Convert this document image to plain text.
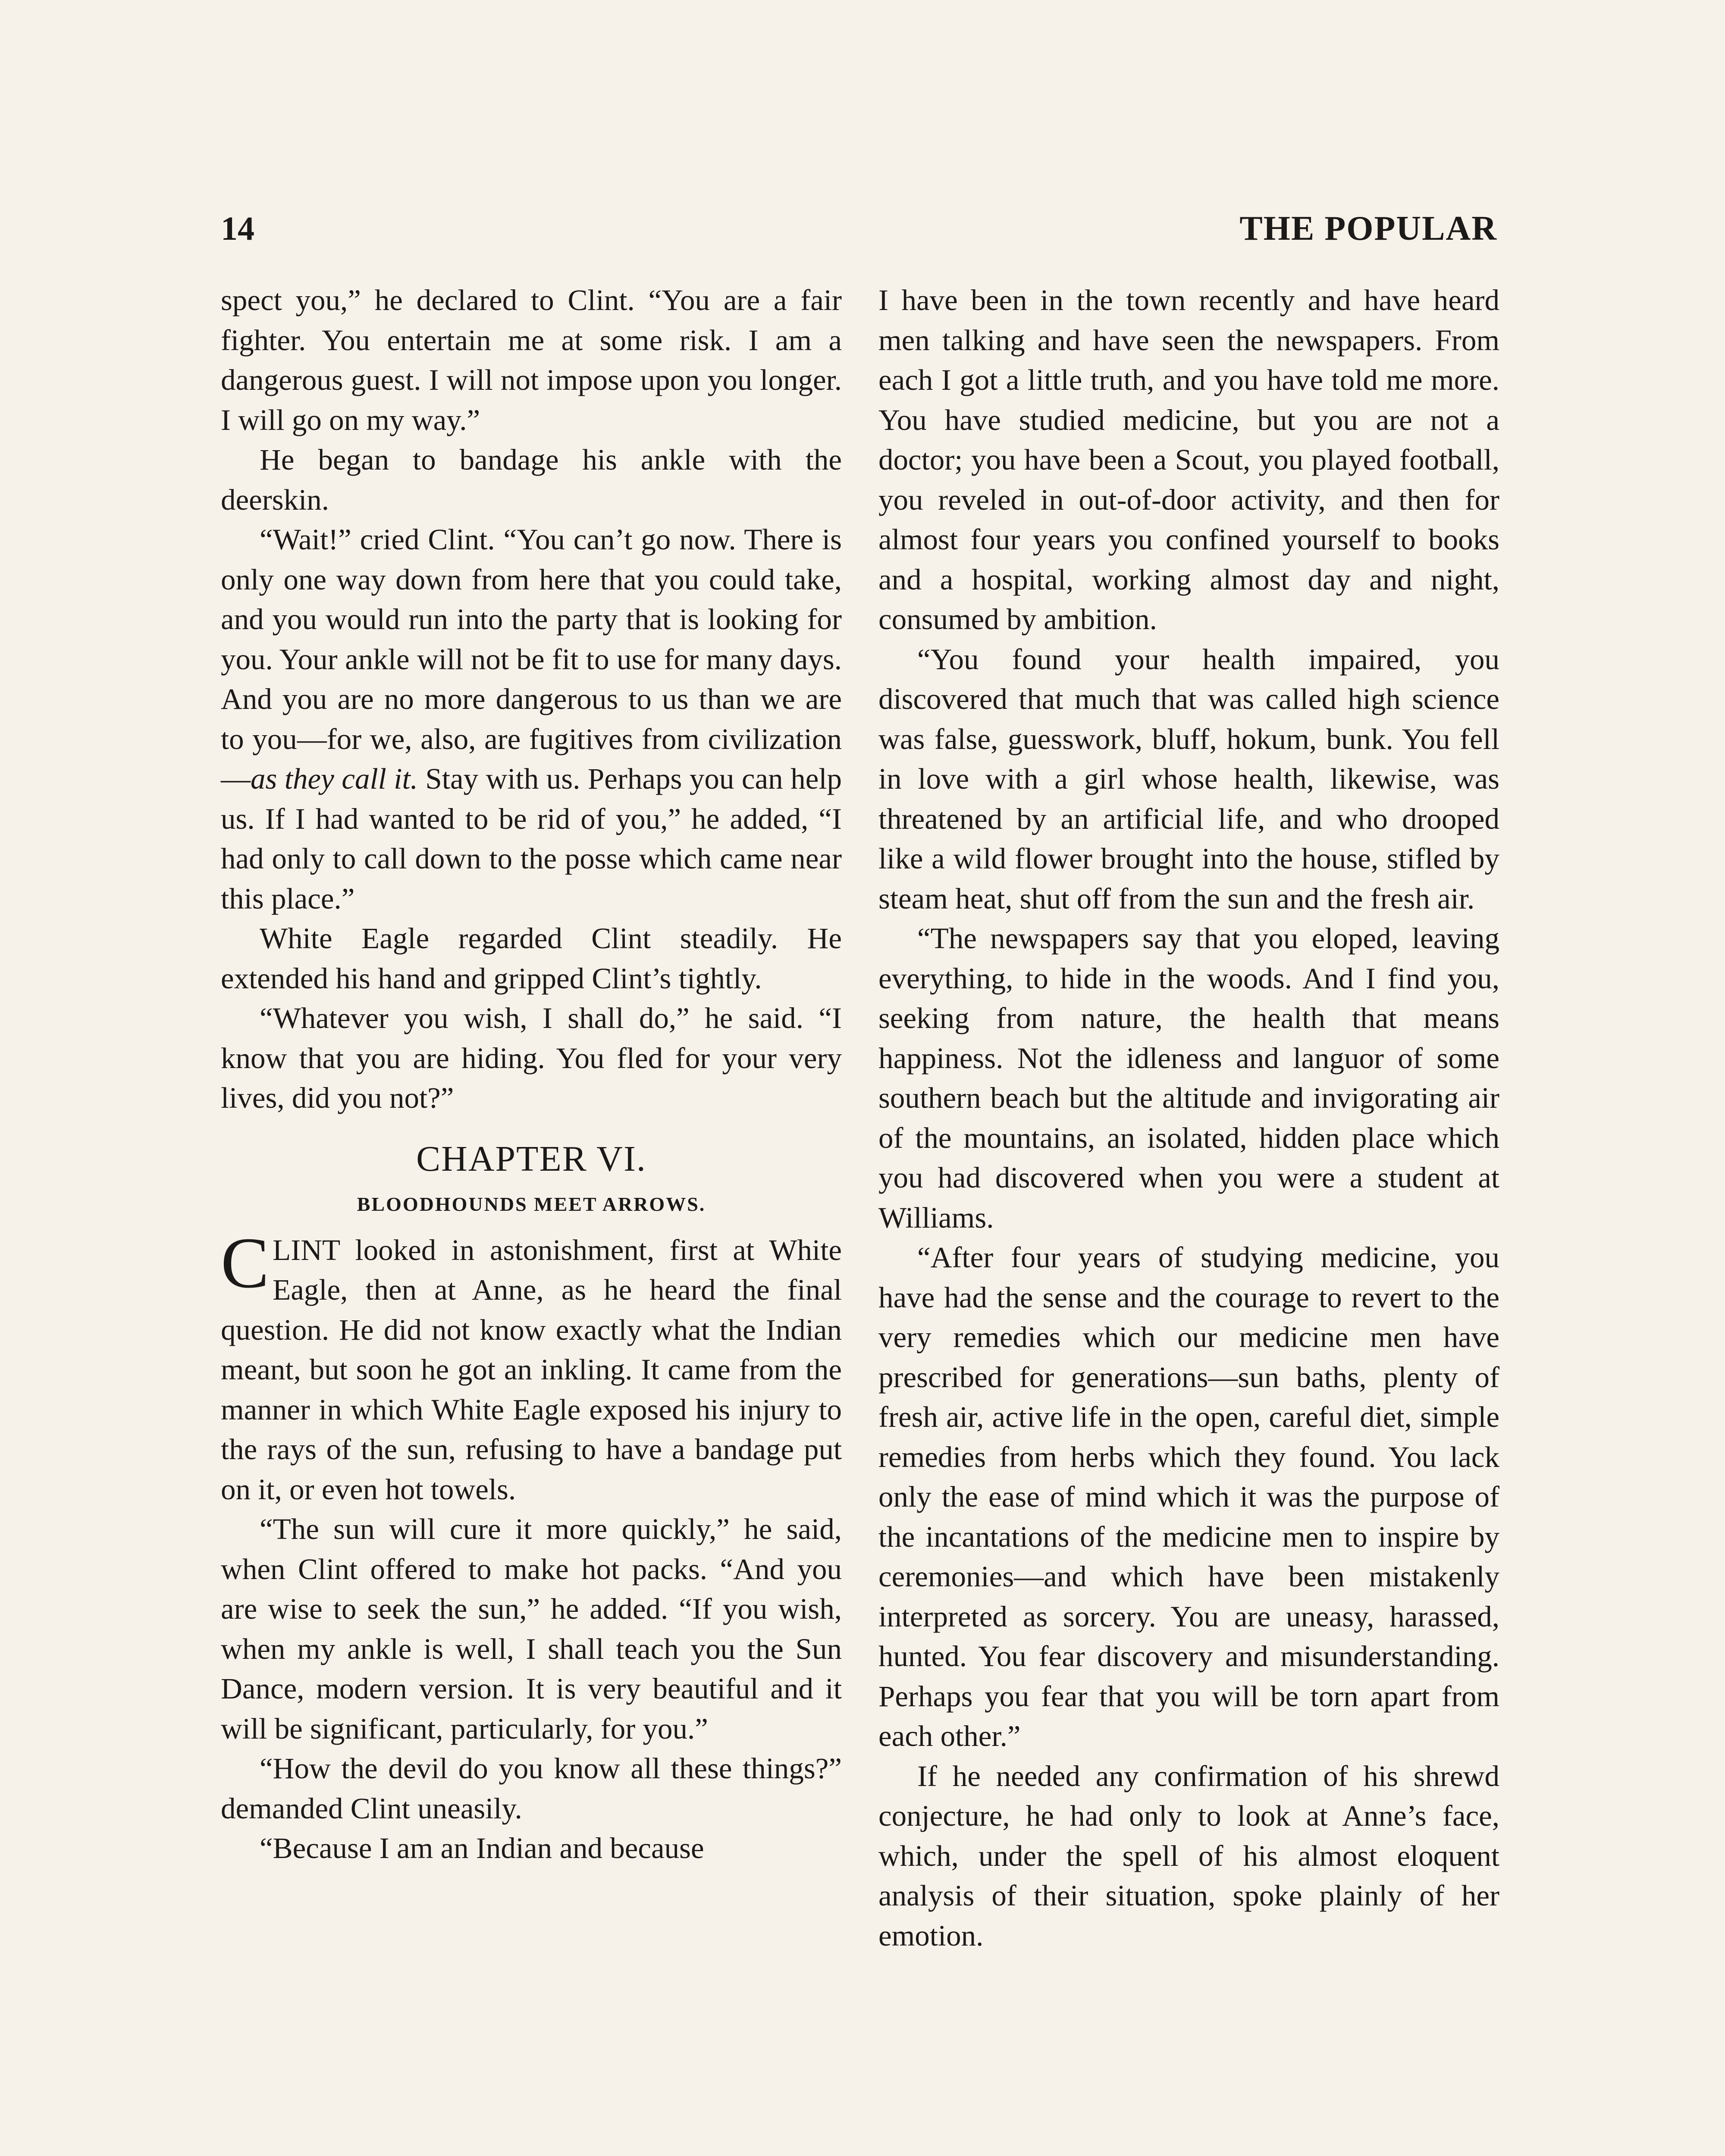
14	THE POPULAR

spect you,” he declared to Clint. “You are a fair fighter. You entertain me at some risk. I am a dangerous guest. I will not impose upon you longer. I will go on my way.”

He began to bandage his ankle with the deerskin.

“Wait!” cried Clint. “You can’t go now. There is only one way down from here that you could take, and you would run into the party that is looking for you. Your ankle will not be fit to use for many days. And you are no more dangerous to us than we are to you—for we, also, are fugitives from civilization—as they call it. Stay with us. Perhaps you can help us. If I had wanted to be rid of you,” he added, “I had only to call down to the posse which came near this place.”

White Eagle regarded Clint steadily. He extended his hand and gripped Clint’s tightly.

“Whatever you wish, I shall do,” he said. “I know that you are hiding. You fled for your very lives, did you not?”

CHAPTER VI.
BLOODHOUNDS MEET ARROWS.

CLINT looked in astonishment, first at White Eagle, then at Anne, as he heard the final question. He did not know exactly what the Indian meant, but soon he got an inkling. It came from the manner in which White Eagle exposed his injury to the rays of the sun, refusing to have a bandage put on it, or even hot towels.

“The sun will cure it more quickly,” he said, when Clint offered to make hot packs. “And you are wise to seek the sun,” he added. “If you wish, when my ankle is well, I shall teach you the Sun Dance, modern version. It is very beautiful and it will be significant, particularly, for you.”

“How the devil do you know all these things?” demanded Clint uneasily.

“Because I am an Indian and because

I have been in the town recently and have heard men talking and have seen the newspapers. From each I got a little truth, and you have told me more. You have studied medicine, but you are not a doctor; you have been a Scout, you played football, you reveled in out-of-door activity, and then for almost four years you confined yourself to books and a hospital, working almost day and night, consumed by ambition.

“You found your health impaired, you discovered that much that was called high science was false, guesswork, bluff, hokum, bunk. You fell in love with a girl whose health, likewise, was threatened by an artificial life, and who drooped like a wild flower brought into the house, stifled by steam heat, shut off from the sun and the fresh air.

“The newspapers say that you eloped, leaving everything, to hide in the woods. And I find you, seeking from nature, the health that means happiness. Not the idleness and languor of some southern beach but the altitude and invigorating air of the mountains, an isolated, hidden place which you had discovered when you were a student at Williams.

“After four years of studying medicine, you have had the sense and the courage to revert to the very remedies which our medicine men have prescribed for generations—sun baths, plenty of fresh air, active life in the open, careful diet, simple remedies from herbs which they found. You lack only the ease of mind which it was the purpose of the incantations of the medicine men to inspire by ceremonies—and which have been mistakenly interpreted as sorcery. You are uneasy, harassed, hunted. You fear discovery and misunderstanding. Perhaps you fear that you will be torn apart from each other.”

If he needed any confirmation of his shrewd conjecture, he had only to look at Anne’s face, which, under the spell of his almost eloquent analysis of their situation, spoke plainly of her emotion.
